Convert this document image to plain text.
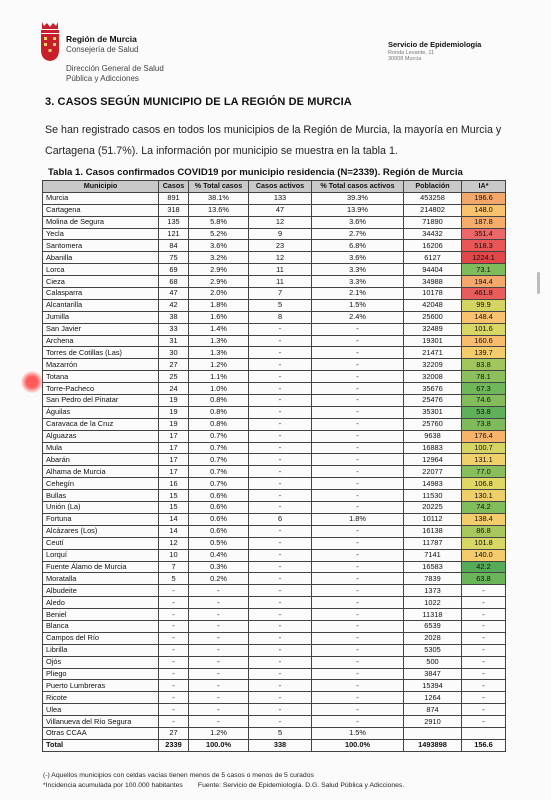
Región de Murcia
Consejería de Salud
Dirección General de Salud
Pública y Adicciones
Servicio de Epidemiología
Ronda Levante, 11
30008 Murcia
3. CASOS SEGÚN MUNICIPIO DE LA REGIÓN DE MURCIA
Se han registrado casos en todos los municipios de la Región de Murcia, la mayoría en Murcia y Cartagena (51.7%). La información por municipio se muestra en la tabla 1.
Tabla 1. Casos confirmados COVID19 por municipio residencia (N=2339). Región de Murcia
Municipio	Casos	% Total casos	Casos activos	% Total casos activos	Población	IA*
Murcia	891	38.1%	133	39.3%	453258	196.6
Cartagena	318	13.6%	47	13.9%	214802	148.0
Molina de Segura	135	5.8%	12	3.6%	71890	187.8
Yecla	121	5.2%	9	2.7%	34432	351.4
Santomera	84	3.6%	23	6.8%	16206	518.3
Abanilla	75	3.2%	12	3.6%	6127	1224.1
Lorca	69	2.9%	11	3.3%	94404	73.1
Cieza	68	2.9%	11	3.3%	34988	194.4
Calasparra	47	2.0%	7	2.1%	10178	461.8
Alcantarilla	42	1.8%	5	1.5%	42048	99.9
Jumilla	38	1.6%	8	2.4%	25600	148.4
San Javier	33	1.4%	-	-	32489	101.6
Archena	31	1.3%	-	-	19301	160.6
Torres de Cotillas (Las)	30	1.3%	-	-	21471	139.7
Mazarrón	27	1.2%	-	-	32209	83.8
Totana	25	1.1%	-	-	32008	78.1
Torre-Pacheco	24	1.0%	-	-	35676	67.3
San Pedro del Pinatar	19	0.8%	-	-	25476	74.6
Águilas	19	0.8%	-	-	35301	53.8
Caravaca de la Cruz	19	0.8%	-	-	25760	73.8
Alguazas	17	0.7%	-	-	9638	176.4
Mula	17	0.7%	-	-	16883	100.7
Abarán	17	0.7%	-	-	12964	131.1
Alhama de Murcia	17	0.7%	-	-	22077	77.0
Cehegín	16	0.7%	-	-	14983	106.8
Bullas	15	0.6%	-	-	11530	130.1
Unión (La)	15	0.6%	-	-	20225	74.2
Fortuna	14	0.6%	6	1.8%	10112	138.4
Alcázares (Los)	14	0.6%	-	-	16138	86.8
Ceutí	12	0.5%	-	-	11787	101.8
Lorquí	10	0.4%	-	-	7141	140.0
Fuente Álamo de Murcia	7	0.3%	-	-	16583	42.2
Moratalla	5	0.2%	-	-	7839	63.8
Albudeite	-	-	-	-	1373	-
Aledo	-	-	-	-	1022	-
Beniel	-	-	-	-	11318	-
Blanca	-	-	-	-	6539	-
Campos del Río	-	-	-	-	2028	-
Librilla	-	-	-	-	5305	-
Ojós	-	-	-	-	500	-
Pliego	-	-	-	-	3847	-
Puerto Lumbreras	-	-	-	-	15394	-
Ricote	-	-	-	-	1264	-
Ulea	-	-	-	-	874	-
Villanueva del Río Segura	-	-	-	-	2910	-
Otras CCAA	27	1.2%	5	1.5%		
Total	2339	100.0%	338	100.0%	1493898	156.6
(-) Aquellos municipios con celdas vacías tienen menos de 5 casos o menos de 5 curados
*Incidencia acumulada por 100.000 habitantes        Fuente: Servicio de Epidemiología. D.G. Salud Pública y Adicciones.
